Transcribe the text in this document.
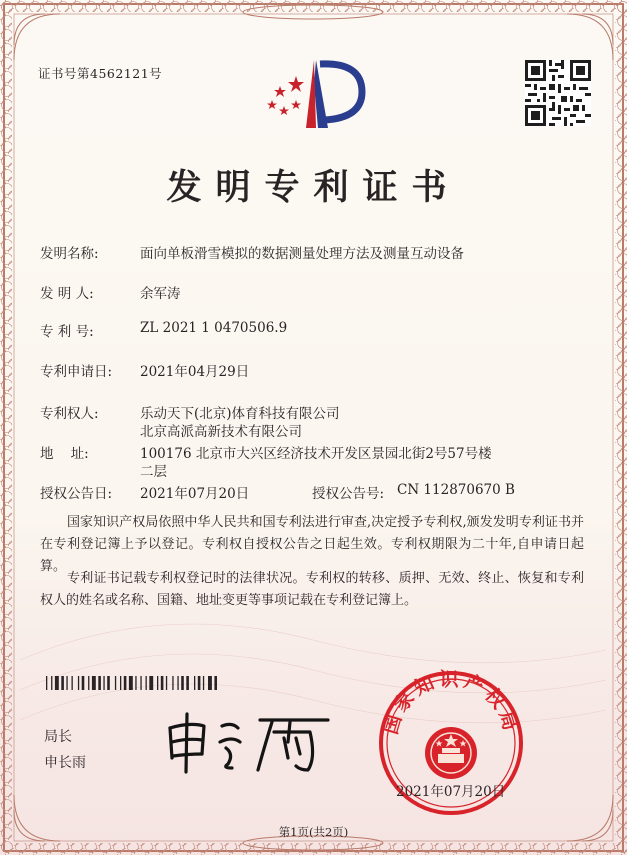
证书号第4562121号
发明专利证书
发明名称:	面向单板滑雪模拟的数据测量处理方法及测量互动设备
发 明 人:	余军涛
专 利 号:	ZL 2021 1 0470506.9
专利申请日: 2021年04月29日
专利权人:	乐动天下(北京)体育科技有限公司
北京高派高新技术有限公司
地    址:	100176 北京市大兴区经济技术开发区景园北街2号57号楼
二层
授权公告日: 2021年07月20日	授权公告号: CN 112870670 B
国家知识产权局依照中华人民共和国专利法进行审查,决定授予专利权,颁发发明专利证书并在专利登记簿上予以登记。专利权自授权公告之日起生效。专利权期限为二十年,自申请日起算。
专利证书记载专利权登记时的法律状况。专利权的转移、质押、无效、终止、恢复和专利权人的姓名或名称、国籍、地址变更等事项记载在专利登记簿上。
局长
申长雨
国家知识产权局
2021年07月20日
第1页(共2页)
